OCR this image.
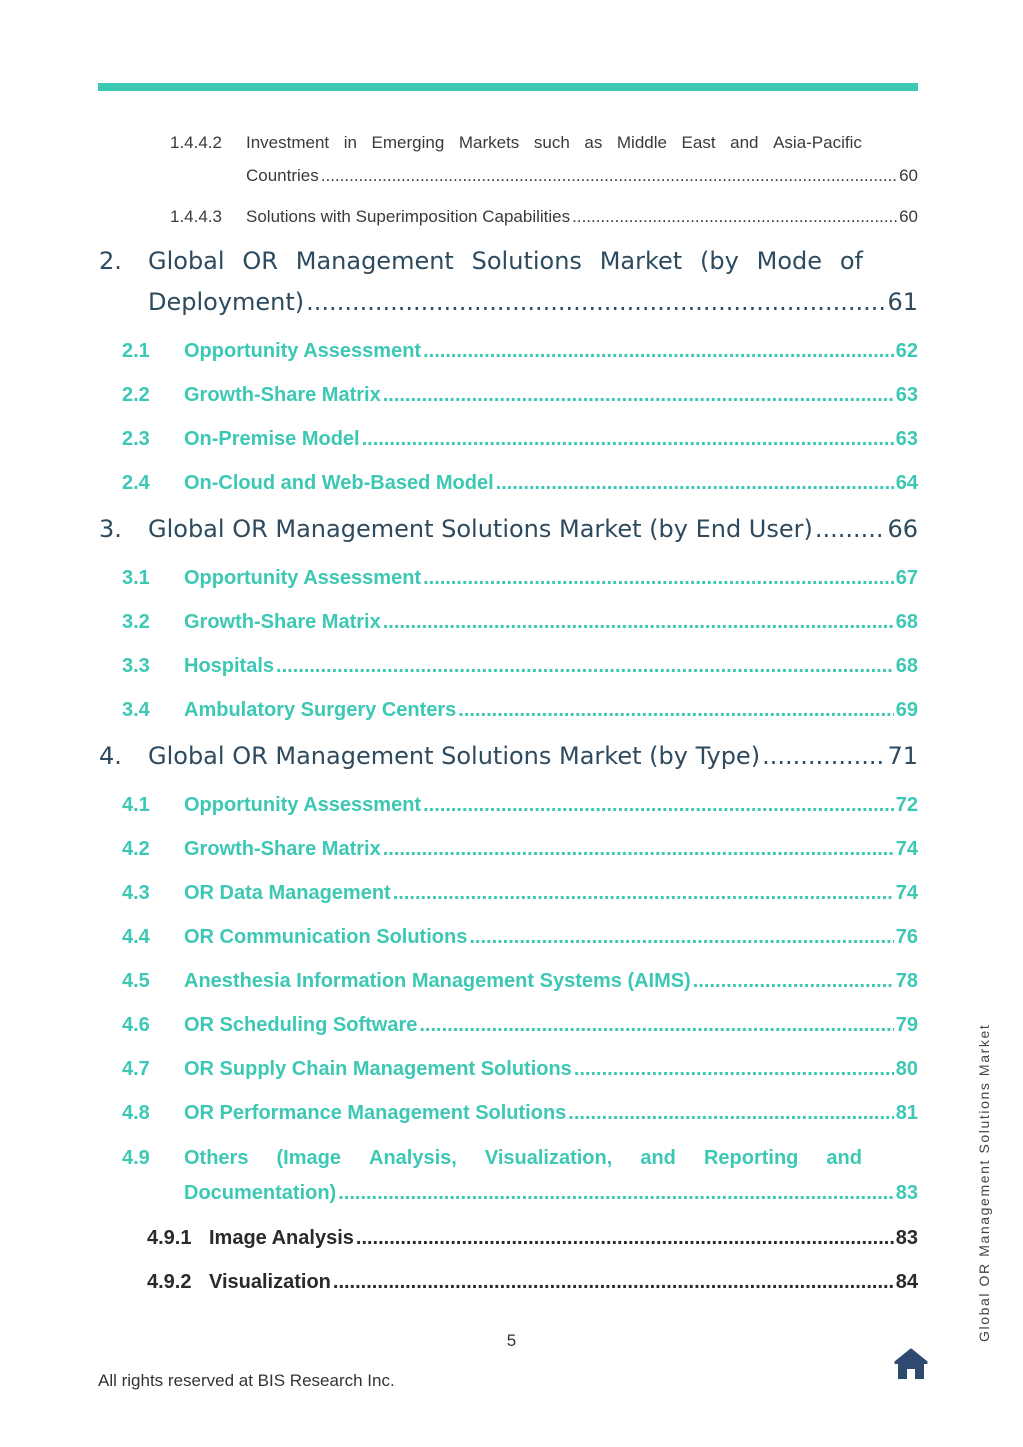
1.4.4.2	Investment in Emerging Markets such as Middle East and Asia-Pacific
Countries .....	60
1.4.4.3	Solutions with Superimposition Capabilities .....	60
2.	Global OR Management Solutions Market (by Mode of
Deployment) .....	61
2.1	Opportunity Assessment .....	62
2.2	Growth-Share Matrix .....	63
2.3	On-Premise Model .....	63
2.4	On-Cloud and Web-Based Model .....	64
3.	Global OR Management Solutions Market (by End User) .....	66
3.1	Opportunity Assessment .....	67
3.2	Growth-Share Matrix .....	68
3.3	Hospitals .....	68
3.4	Ambulatory Surgery Centers .....	69
4.	Global OR Management Solutions Market (by Type) .....	71
4.1	Opportunity Assessment .....	72
4.2	Growth-Share Matrix .....	74
4.3	OR Data Management .....	74
4.4	OR Communication Solutions .....	76
4.5	Anesthesia Information Management Systems (AIMS) .....	78
4.6	OR Scheduling Software .....	79
4.7	OR Supply Chain Management Solutions .....	80
4.8	OR Performance Management Solutions .....	81
4.9	Others (Image Analysis, Visualization, and Reporting and
Documentation) .....	83
4.9.1 Image Analysis .....	83
4.9.2 Visualization .....	84
5
All rights reserved at BIS Research Inc.
Global OR Management Solutions Market
